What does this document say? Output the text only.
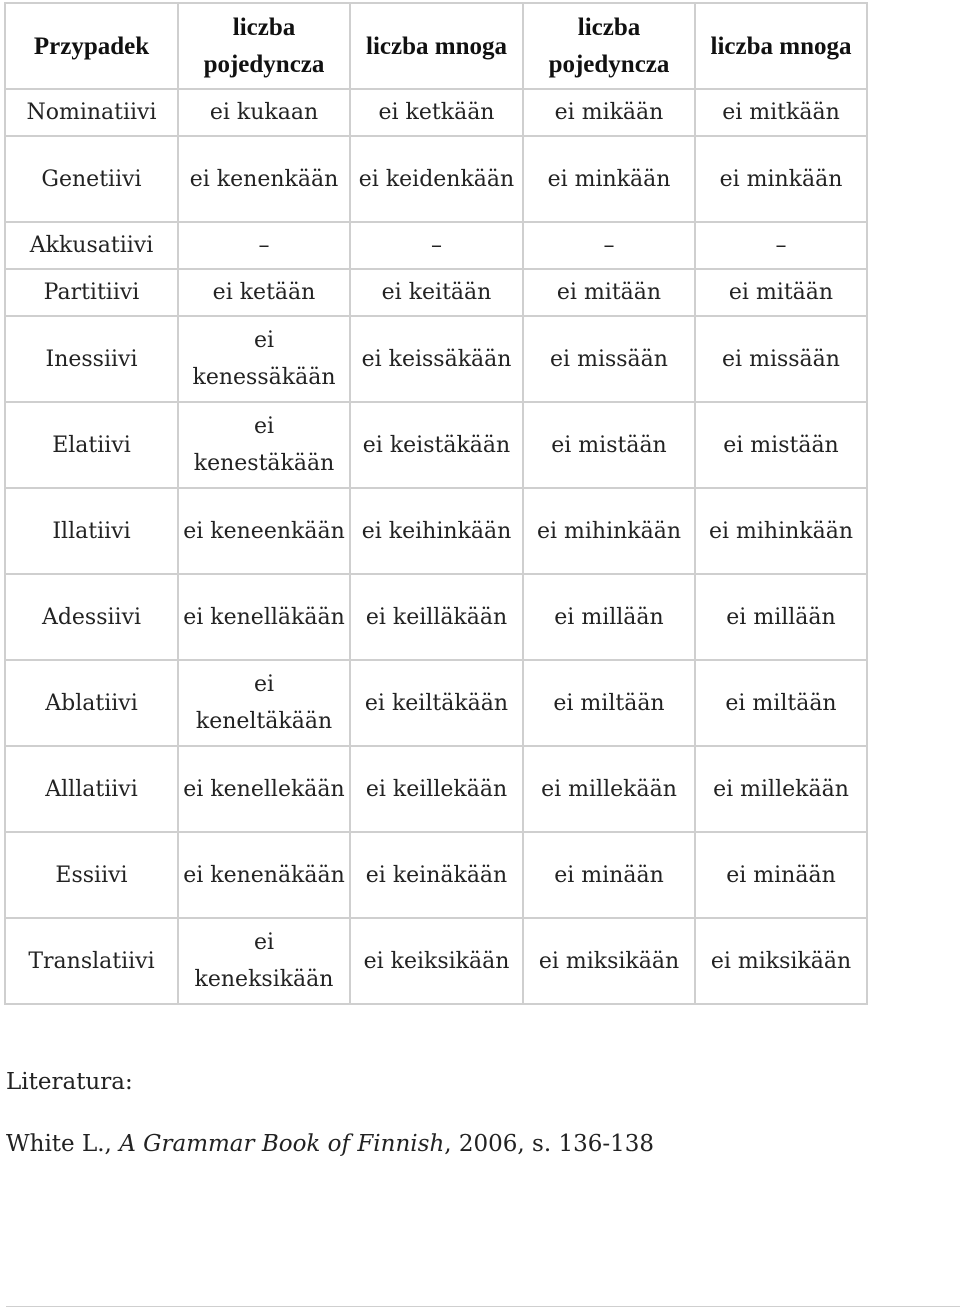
Przypadek	liczba pojedyncza	liczba mnoga	liczba pojedyncza	liczba mnoga
Nominatiivi	ei kukaan	ei ketkään	ei mikään	ei mitkään
Genetiivi	ei kenenkään	ei keidenkään	ei minkään	ei minkään
Akkusatiivi	–	–	–	–
Partitiivi	ei ketään	ei keitään	ei mitään	ei mitään
Inessiivi	ei kenessäkään	ei keissäkään	ei missään	ei missään
Elatiivi	ei kenestäkään	ei keistäkään	ei mistään	ei mistään
Illatiivi	ei keneenkään	ei keihinkään	ei mihinkään	ei mihinkään
Adessiivi	ei kenelläkään	ei keilläkään	ei millään	ei millään
Ablatiivi	ei keneltäkään	ei keiltäkään	ei miltään	ei miltään
Alllatiivi	ei kenellekään	ei keillekään	ei millekään	ei millekään
Essiivi	ei kenenäkään	ei keinäkään	ei minään	ei minään
Translatiivi	ei keneksikään	ei keiksikään	ei miksikään	ei miksikään

Literatura:

White L., A Grammar Book of Finnish, 2006, s. 136-138
